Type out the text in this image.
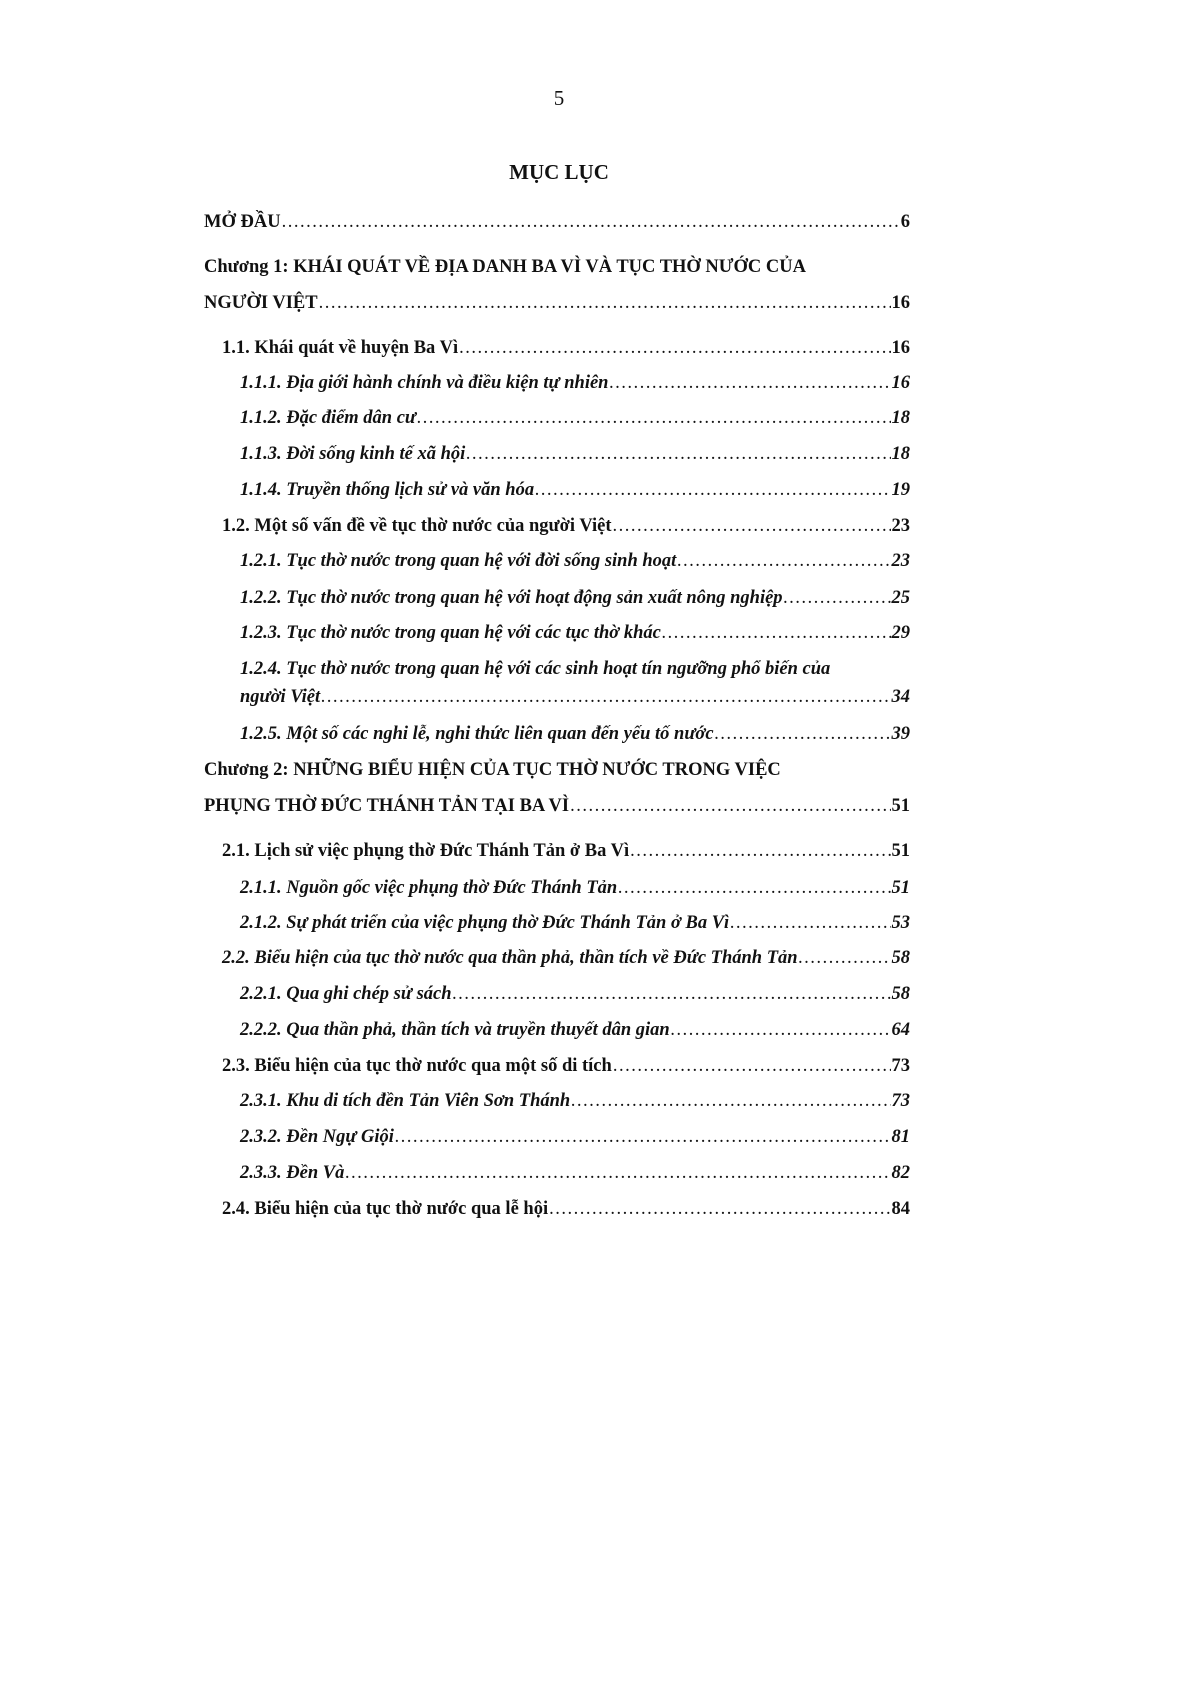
5
MỤC LỤC
MỞ ĐẦU .....	6
Chương 1: KHÁI QUÁT VỀ ĐỊA DANH BA VÌ VÀ TỤC THỜ NƯỚC CỦA
NGƯỜI VIỆT .....	16
1.1. Khái quát về huyện Ba Vì .....	16
1.1.1. Địa giới hành chính và điều kiện tự nhiên .....	16
1.1.2. Đặc điểm dân cư .....	18
1.1.3. Đời sống kinh tế xã hội .....	18
1.1.4. Truyền thống lịch sử và văn hóa .....	19
1.2. Một số vấn đề về tục thờ nước của người Việt .....	23
1.2.1. Tục thờ nước trong quan hệ với đời sống sinh hoạt .....	23
1.2.2. Tục thờ nước trong quan hệ với hoạt động sản xuất nông nghiệp .....	25
1.2.3. Tục thờ nước trong quan hệ với các tục thờ khác .....	29
1.2.4. Tục thờ nước trong quan hệ với các sinh hoạt tín ngưỡng phổ biến của
người Việt .....	34
1.2.5. Một số các nghi lễ, nghi thức liên quan đến yếu tố nước .....	39
Chương 2: NHỮNG BIỂU HIỆN CỦA TỤC THỜ NƯỚC TRONG VIỆC
PHỤNG THỜ ĐỨC THÁNH TẢN TẠI BA VÌ .....	51
2.1. Lịch sử việc phụng thờ Đức Thánh Tản ở Ba Vì .....	51
2.1.1. Nguồn gốc việc phụng thờ Đức Thánh Tản .....	51
2.1.2. Sự phát triển của việc phụng thờ Đức Thánh Tản ở Ba Vì .....	53
2.2. Biểu hiện của tục thờ nước qua thần phả, thần tích về Đức Thánh Tản .....	58
2.2.1. Qua ghi chép sử sách .....	58
2.2.2. Qua thần phả, thần tích và truyền thuyết dân gian .....	64
2.3. Biểu hiện của tục thờ nước qua một số di tích .....	73
2.3.1. Khu di tích đền Tản Viên Sơn Thánh .....	73
2.3.2. Đền Ngự Giội .....	81
2.3.3. Đền Và .....	82
2.4. Biểu hiện của tục thờ nước qua lễ hội .....	84
